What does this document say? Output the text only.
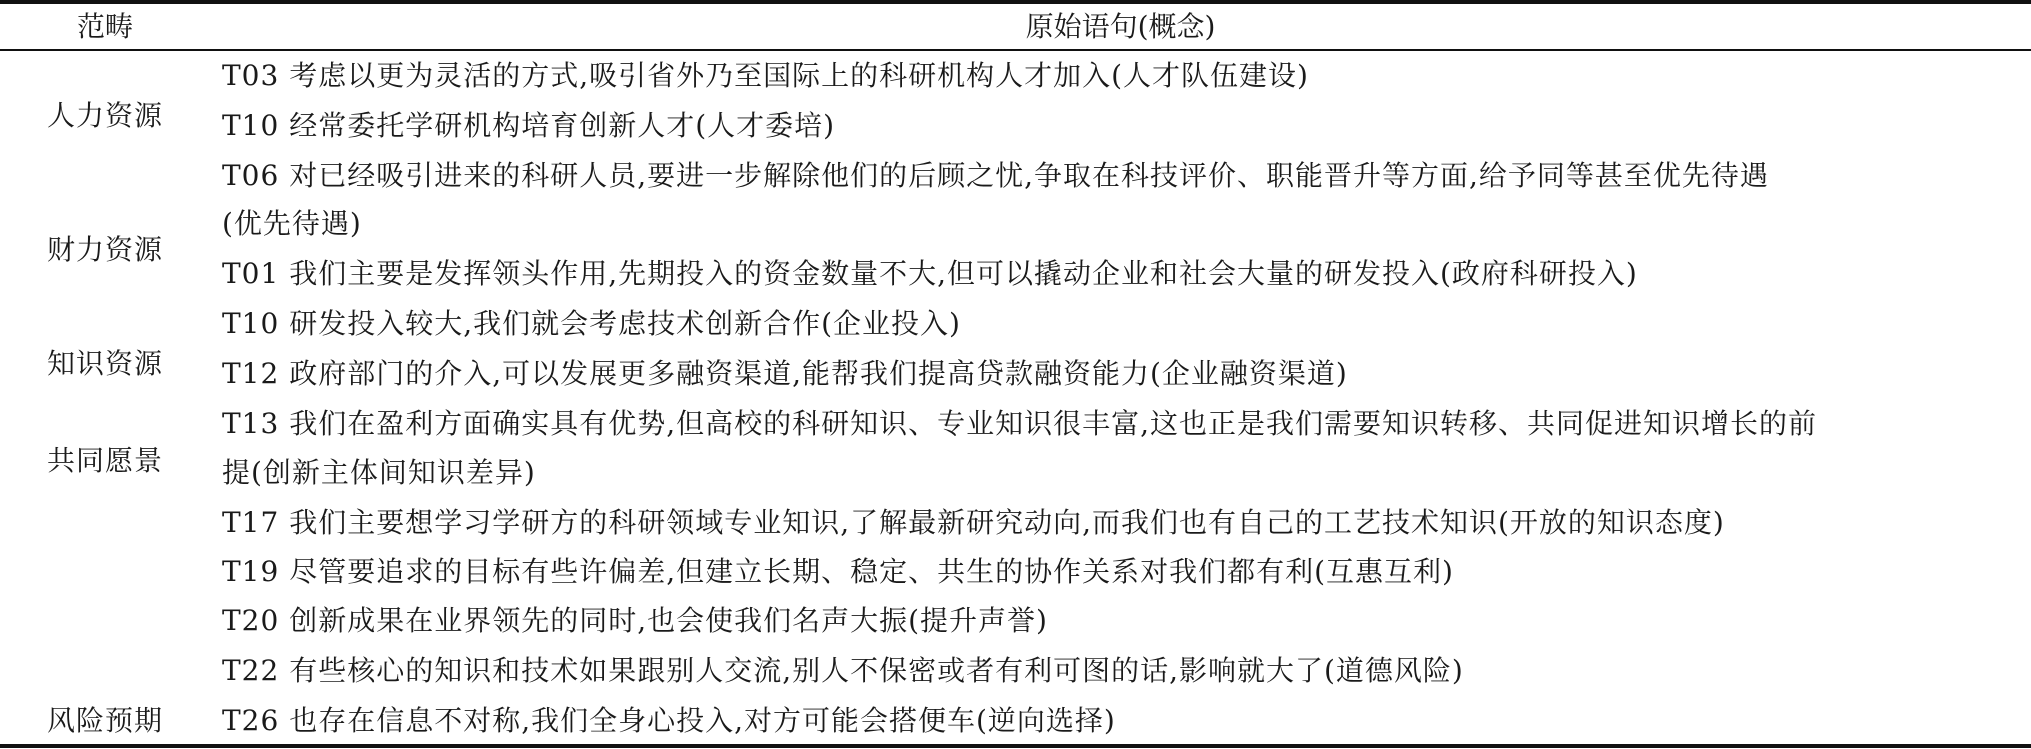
范畴	原始语句(概念)
人力资源
财力资源
知识资源
共同愿景
风险预期
T03 考虑以更为灵活的方式,吸引省外乃至国际上的科研机构人才加入(人才队伍建设)
T10 经常委托学研机构培育创新人才(人才委培)
T06 对已经吸引进来的科研人员,要进一步解除他们的后顾之忧,争取在科技评价、职能晋升等方面,给予同等甚至优先待遇
(优先待遇)
T01 我们主要是发挥领头作用,先期投入的资金数量不大,但可以撬动企业和社会大量的研发投入(政府科研投入)
T10 研发投入较大,我们就会考虑技术创新合作(企业投入)
T12 政府部门的介入,可以发展更多融资渠道,能帮我们提高贷款融资能力(企业融资渠道)
T13 我们在盈利方面确实具有优势,但高校的科研知识、专业知识很丰富,这也正是我们需要知识转移、共同促进知识增长的前
提(创新主体间知识差异)
T17 我们主要想学习学研方的科研领域专业知识,了解最新研究动向,而我们也有自己的工艺技术知识(开放的知识态度)
T19 尽管要追求的目标有些许偏差,但建立长期、稳定、共生的协作关系对我们都有利(互惠互利)
T20 创新成果在业界领先的同时,也会使我们名声大振(提升声誉)
T22 有些核心的知识和技术如果跟别人交流,别人不保密或者有利可图的话,影响就大了(道德风险)
T26 也存在信息不对称,我们全身心投入,对方可能会搭便车(逆向选择)
